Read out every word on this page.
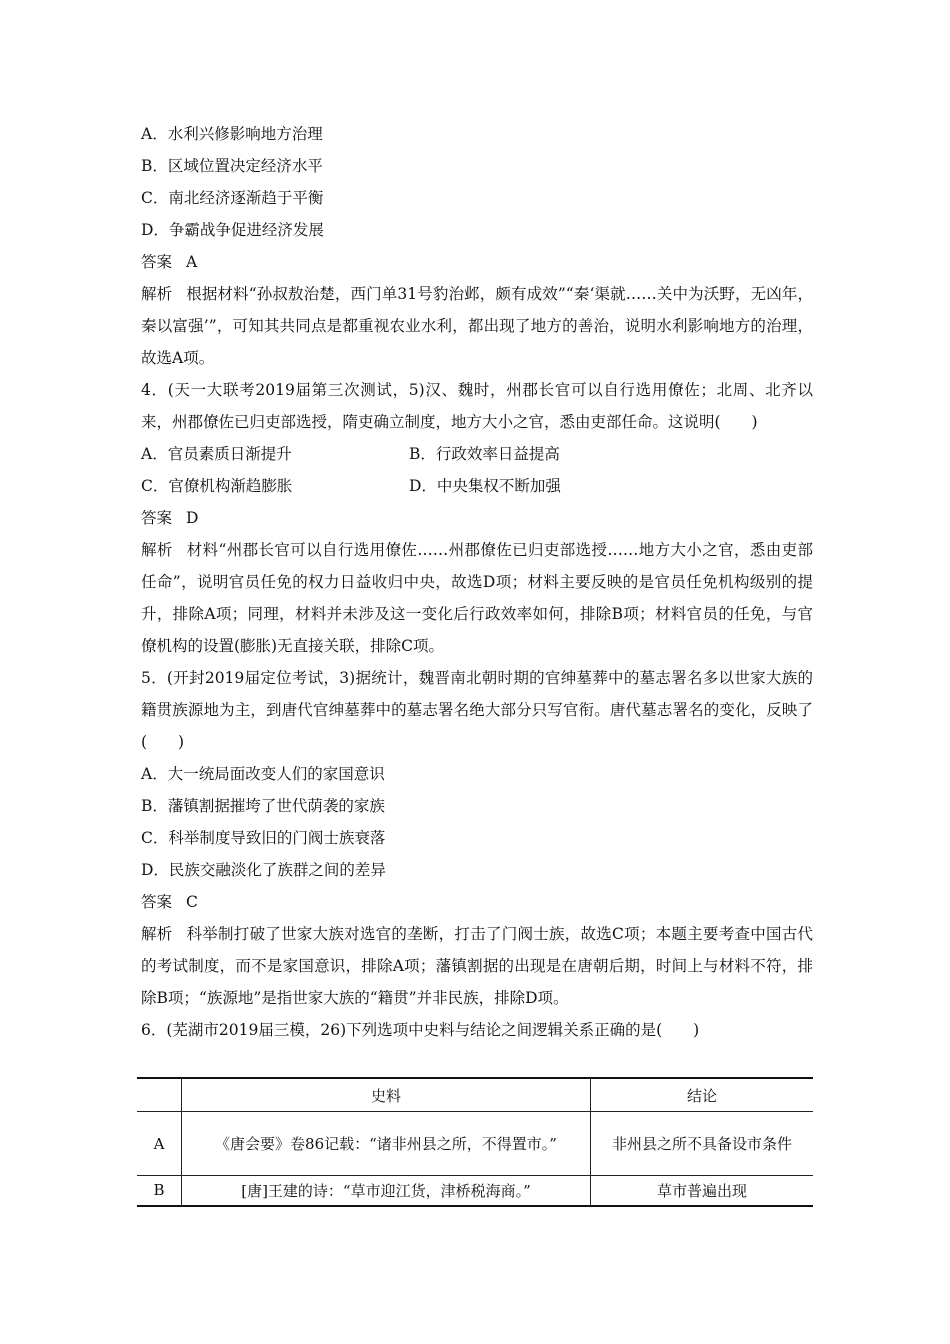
A．水利兴修影响地方治理
B．区域位置决定经济水平
C．南北经济逐渐趋于平衡
D．争霸战争促进经济发展
答案 A
解析 根据材料“孙叔敖治楚，西门单31号豹治邺，颇有成效”“秦‘渠就……关中为沃野，无凶年，秦以富强’”，可知其共同点是都重视农业水利，都出现了地方的善治，说明水利影响地方的治理，故选A项。
4．(天一大联考2019届第三次测试，5)汉、魏时，州郡长官可以自行选用僚佐；北周、北齐以来，州郡僚佐已归吏部选授，隋吏确立制度，地方大小之官，悉由吏部任命。这说明(　　)
A．官员素质日渐提升	B．行政效率日益提高
C．官僚机构渐趋膨胀	D．中央集权不断加强
答案 D
解析 材料“州郡长官可以自行选用僚佐……州郡僚佐已归吏部选授……地方大小之官，悉由吏部任命”，说明官员任免的权力日益收归中央，故选D项；材料主要反映的是官员任免机构级别的提升，排除A项；同理，材料并未涉及这一变化后行政效率如何，排除B项；材料官员的任免，与官僚机构的设置(膨胀)无直接关联，排除C项。
5．(开封2019届定位考试，3)据统计，魏晋南北朝时期的官绅墓葬中的墓志署名多以世家大族的籍贯族源地为主，到唐代官绅墓葬中的墓志署名绝大部分只写官衔。唐代墓志署名的变化，反映了(　　)
A．大一统局面改变人们的家国意识
B．藩镇割据摧垮了世代荫袭的家族
C．科举制度导致旧的门阀士族衰落
D．民族交融淡化了族群之间的差异
答案 C
解析 科举制打破了世家大族对选官的垄断，打击了门阀士族，故选C项；本题主要考查中国古代的考试制度，而不是家国意识，排除A项；藩镇割据的出现是在唐朝后期，时间上与材料不符，排除B项；“族源地”是指世家大族的“籍贯”并非民族，排除D项。
6．(芜湖市2019届三模，26)下列选项中史料与结论之间逻辑关系正确的是(　　)
	史料	结论
A	《唐会要》卷86记载：“诸非州县之所，不得置市。”	非州县之所不具备设市条件
B	[唐]王建的诗：“草市迎江货，津桥税海商。”	草市普遍出现
